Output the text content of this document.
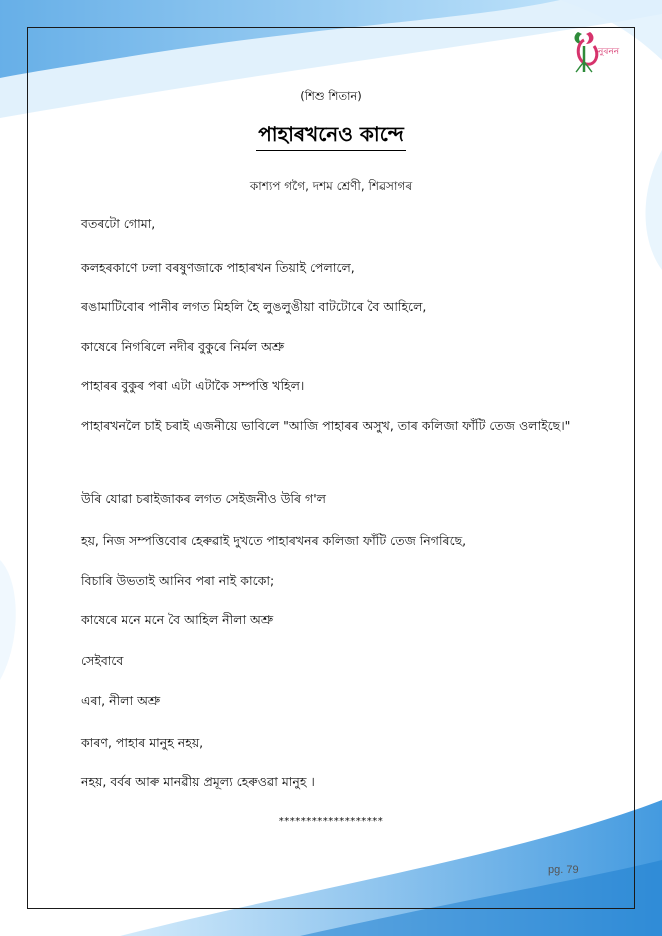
নুৰনন
(শিশু শিতান)
পাহাৰখনেও কান্দে
কাশ্যপ গগৈ, দশম শ্রেণী, শিৱসাগৰ
বতৰটো গোমা,
কলহৰকাণে ঢলা বৰষুণজাকে পাহাৰখন তিয়াই পেলালে,
ৰঙামাটিবোৰ পানীৰ লগত মিহলি হৈ লুঙলুঙীয়া বাটটোৰে বৈ আহিলে,
কাষেৰে নিগৰিলে নদীৰ বুকুৰে নির্মল অশ্রু
পাহাৰৰ বুকুৰ পৰা এটা এটাকৈ সম্পত্তি খহিল।
পাহাৰখনলৈ চাই চৰাই এজনীয়ে ভাবিলে "আজি পাহাৰৰ অসুখ, তাৰ কলিজা ফাঁটি তেজ ওলাইছে।"
উৰি যোৱা চৰাইজাকৰ লগত সেইজনীও উৰি গ'ল
হয়, নিজ সম্পত্তিবোৰ হেৰুৱাই দুখতে পাহাৰখনৰ কলিজা ফাঁটি তেজ নিগৰিছে,
বিচাৰি উভতাই আনিব পৰা নাই কাকো;
কাষেৰে মনে মনে বৈ আহিল নীলা অশ্রু
সেইবাবে
এৰা, নীলা অশ্রু
কাৰণ, পাহাৰ মানুহ নহয়,
নহয়, বৰ্বৰ আৰু মানৱীয় প্ৰমূল্য হেৰুওৱা মানুহ ।
*******************
pg. 79
